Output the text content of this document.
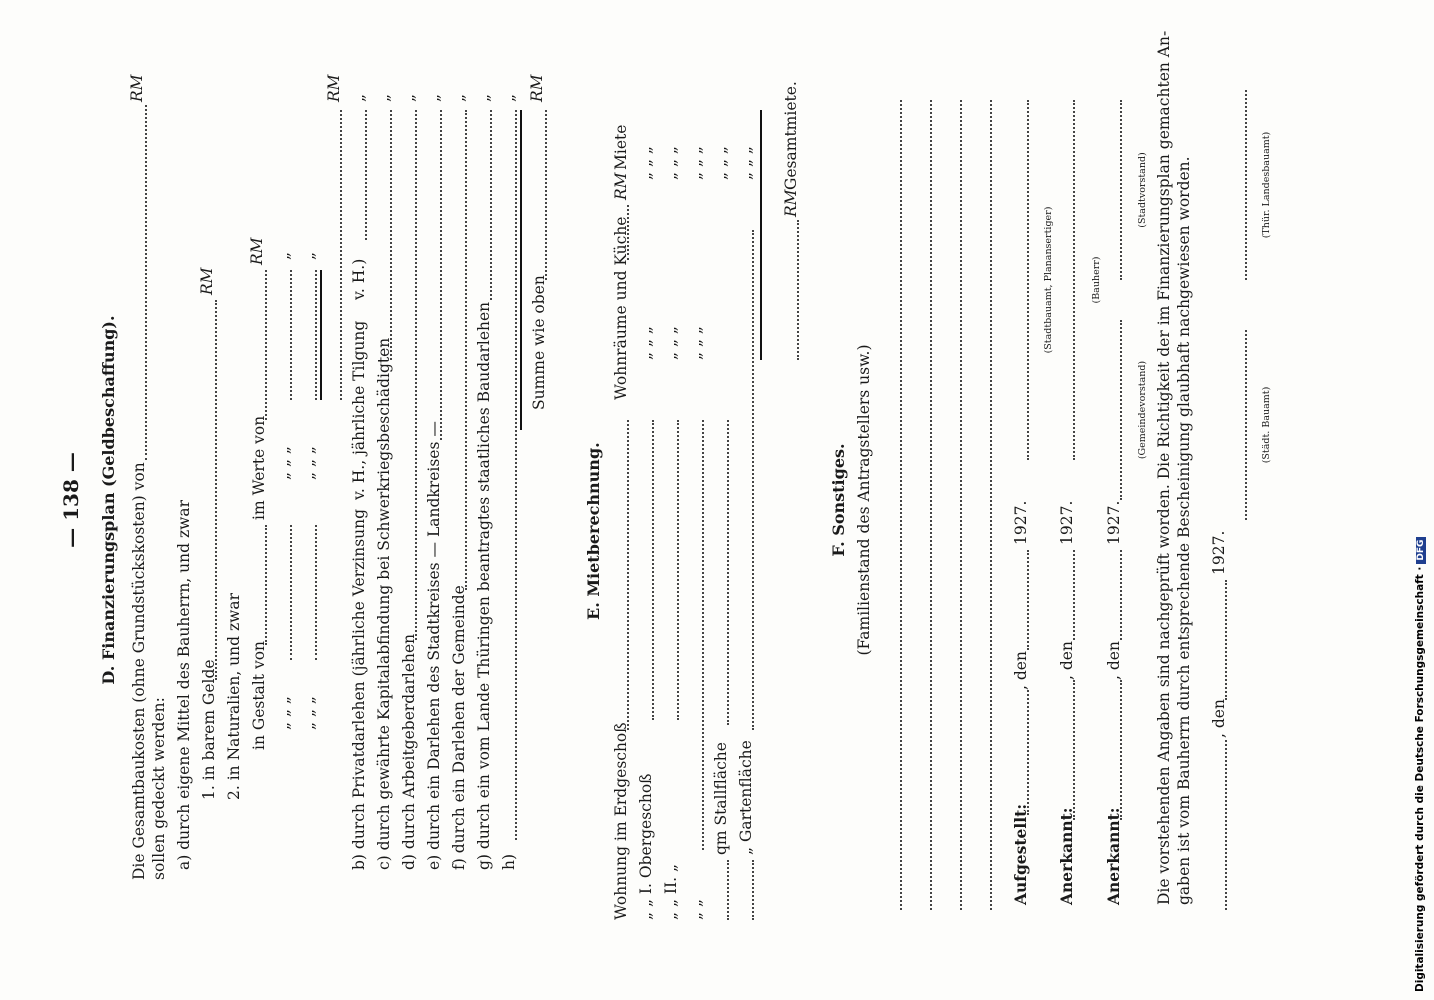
— 138 — D. Finanzierungsplan (Geldbeschaffung). Die Gesamtbaukosten (ohne Grundstückskosten) von
RM
sollen gedeckt werden: a) durch eigene Mittel des Bauherrn, und zwar 1. in barem Gelde
RM
2. in Naturalien, und zwar in Gestalt von
im Werte von
RM
„ „ „
„ „ „
„
„ „ „
„ „ „
„
RM
b) durch Privatdarlehen (jährliche Verzinsung
v. H., jährliche Tilgung
v. H.)
„
c) durch gewährte Kapitalabfindung bei Schwerkriegsbeschädigten
„
d) durch Arbeitgeberdarlehen
„
e) durch ein Darlehen des Stadtkreises — Landkreises —
„
f) durch ein Darlehen der Gemeinde
„
g) durch ein vom Lande Thüringen beantragtes staatliches Baudarlehen
„
h)
„
Summe wie oben
RM
E. Mietberechnung.
Wohnräume und Küche
RM
Miete
Wohnung im Erdgeschoß „ „ I. Obergeschoß
„ „ „
„ „ „
„ „ II. „
„ „ „
„ „ „
„ „
„ „ „
„ „ „
qm Stallfläche
„ „ „
„ Gartenfläche
„ „ „
RM
Gesamtmiete.
F. Sonstiges. (Familienstand des Antragstellers usw.)
Aufgestellt:
, den
1927.
(Stadtbauamt, Planansertiger)
Anerkannt:
, den
1927.
(Bauherr)
Anerkannt:
, den
1927.
(Gemeindevorstand)
(Stadtvorstand) Die vorstehenden Angaben sind nachgeprüft worden. Die Richtigkeit der im Finanzierungsplan gemachten An- gaben ist vom Bauherrn durch entsprechende Bescheinigung glaubhaft nachgewiesen worden. , den
1927.
(Städt. Bauamt)
(Thür. Landesbauamt)
Digitalisierung gefördert durch die Deutsche Forschungsgemeinschaft ·DFG
